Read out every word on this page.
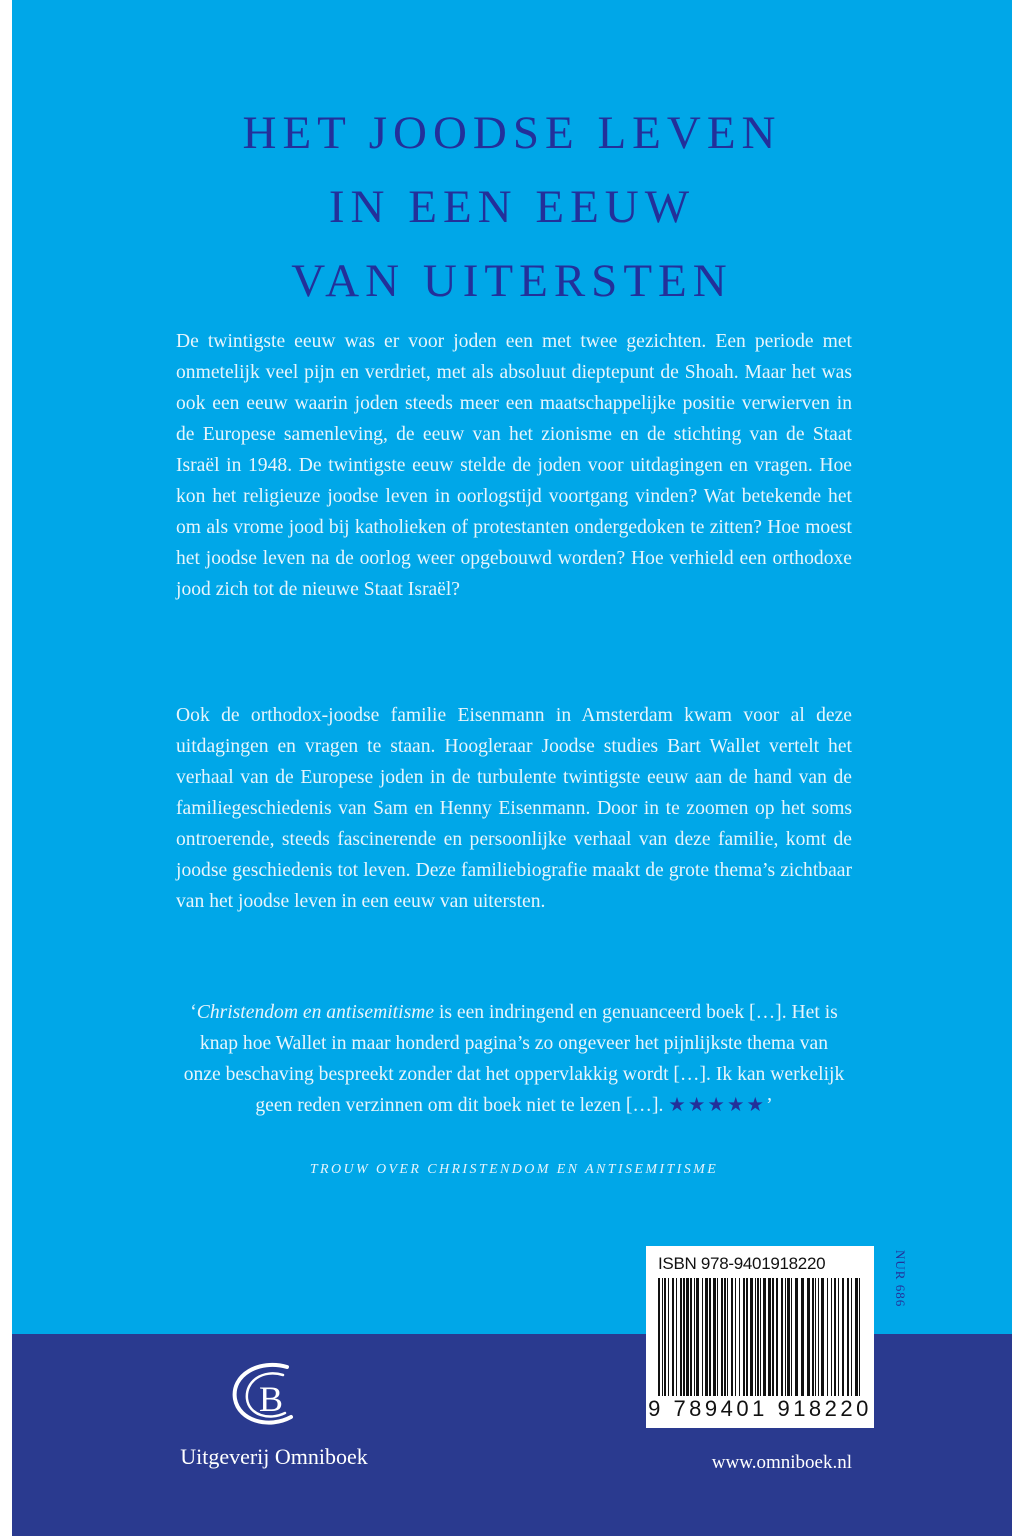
HET JOODSE LEVEN
IN EEN EEUW
VAN UITERSTEN

De twintigste eeuw was er voor joden een met twee gezichten. Een periode met onmetelijk veel pijn en verdriet, met als absoluut dieptepunt de Shoah. Maar het was ook een eeuw waarin joden steeds meer een maatschappelijke positie verwierven in de Europese samenleving, de eeuw van het zionisme en de stichting van de Staat Israël in 1948. De twintigste eeuw stelde de joden voor uitdagingen en vragen. Hoe kon het religieuze joodse leven in oorlogstijd voortgang vinden? Wat betekende het om als vrome jood bij katholieken of protestanten ondergedoken te zitten? Hoe moest het joodse leven na de oorlog weer opgebouwd worden? Hoe verhield een orthodoxe jood zich tot de nieuwe Staat Israël?

Ook de orthodox-joodse familie Eisenmann in Amsterdam kwam voor al deze uitdagingen en vragen te staan. Hoogleraar Joodse studies Bart Wallet vertelt het verhaal van de Europese joden in de turbulente twintigste eeuw aan de hand van de familiegeschiedenis van Sam en Henny Eisenmann. Door in te zoomen op het soms ontroerende, steeds fascinerende en persoonlijke verhaal van deze familie, komt de joodse geschiedenis tot leven. Deze familiebiografie maakt de grote thema’s zichtbaar van het joodse leven in een eeuw van uitersten.

‘Christendom en antisemitisme is een indringend en genuanceerd boek […]. Het is knap hoe Wallet in maar honderd pagina’s zo ongeveer het pijnlijkste thema van onze beschaving bespreekt zonder dat het oppervlakkig wordt […]. Ik kan werkelijk geen reden verzinnen om dit boek niet te lezen […]. ★★★★★’

TROUW OVER CHRISTENDOM EN ANTISEMITISME

ISBN 978-9401918220
9 789401 918220
NUR 686
B
Uitgeverij Omniboek	www.omniboek.nl
